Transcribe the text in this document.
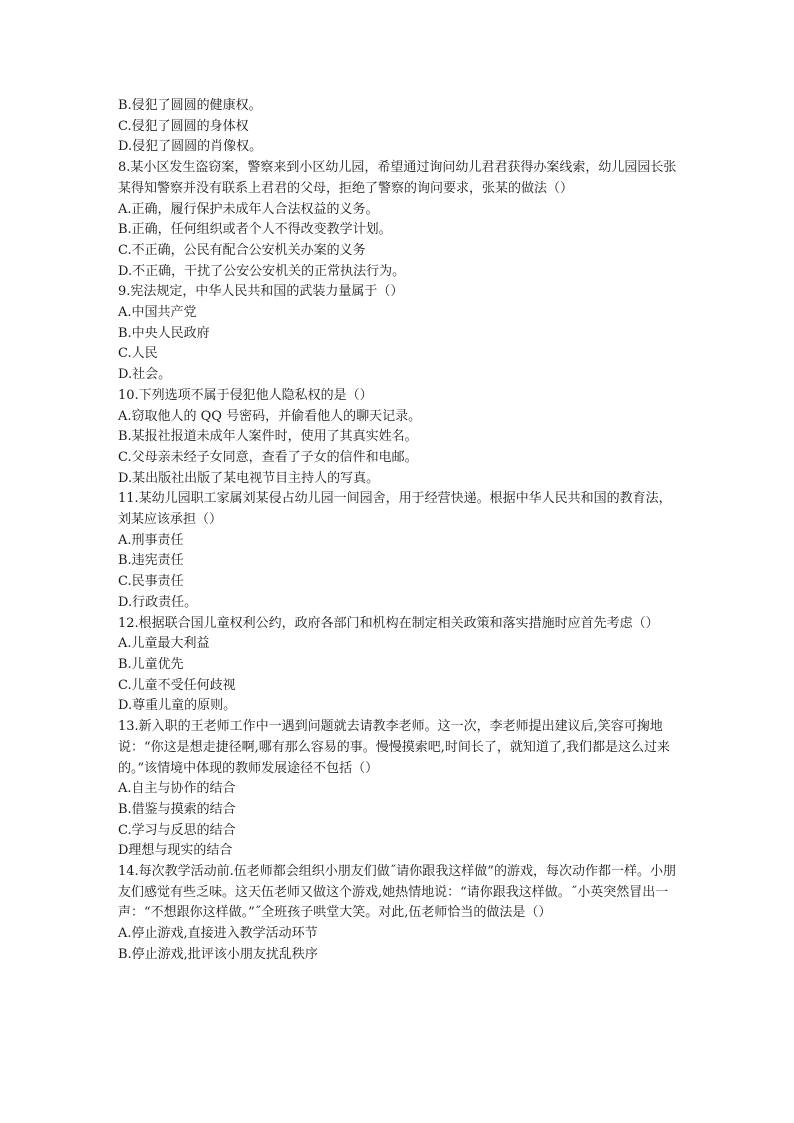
B.侵犯了圆圆的健康权。
C.侵犯了圆圆的身体权
D.侵犯了圆圆的肖像权。
8.某小区发生盗窃案，警察来到小区幼儿园，希望通过询问幼儿君君获得办案线索，幼儿园园长张某得知警察并没有联系上君君的父母，拒绝了警察的询问要求，张某的做法（）
A.正确，履行保护未成年人合法权益的义务。
B.正确，任何组织或者个人不得改变教学计划。
C.不正确，公民有配合公安机关办案的义务
D.不正确，干扰了公安公安机关的正常执法行为。
9.宪法规定，中华人民共和国的武装力量属于（）
A.中国共产党
B.中央人民政府
C.人民
D.社会。
10.下列选项不属于侵犯他人隐私权的是（）
A.窃取他人的 QQ 号密码，并偷看他人的聊天记录。
B.某报社报道未成年人案件时，使用了其真实姓名。
C.父母亲未经子女同意，查看了子女的信件和电邮。
D.某出版社出版了某电视节目主持人的写真。
11.某幼儿园职工家属刘某侵占幼儿园一间园舍，用于经营快递。根据中华人民共和国的教育法，刘某应该承担（）
A.刑事责任
B.违宪责任
C.民事责任
D.行政责任。
12.根据联合国儿童权利公约，政府各部门和机构在制定相关政策和落实措施时应首先考虑（）
A.儿童最大利益
B.儿童优先
C.儿童不受任何歧视
D.尊重儿童的原则。
13.新入职的王老师工作中一遇到问题就去请教李老师。这一次，李老师提出建议后,笑容可掬地说：“你这是想走捷径啊,哪有那么容易的事。慢慢摸索吧,时间长了，就知道了,我们都是这么过来的。”该情境中体现的教师发展途径不包括（）
A.自主与协作的结合
B.借鉴与摸索的结合
C.学习与反思的结合
D理想与现实的结合
14.每次教学活动前.伍老师都会组织小朋友们做˝请你跟我这样做”的游戏，每次动作都一样。小朋友们感觉有些乏味。这天伍老师又做这个游戏,她热情地说：“请你跟我这样做。˝小英突然冒出一声：“不想跟你这样做。”˝全班孩子哄堂大笑。对此,伍老师恰当的做法是（）
A.停止游戏,直接进入教学活动环节
B.停止游戏,批评该小朋友扰乱秩序
